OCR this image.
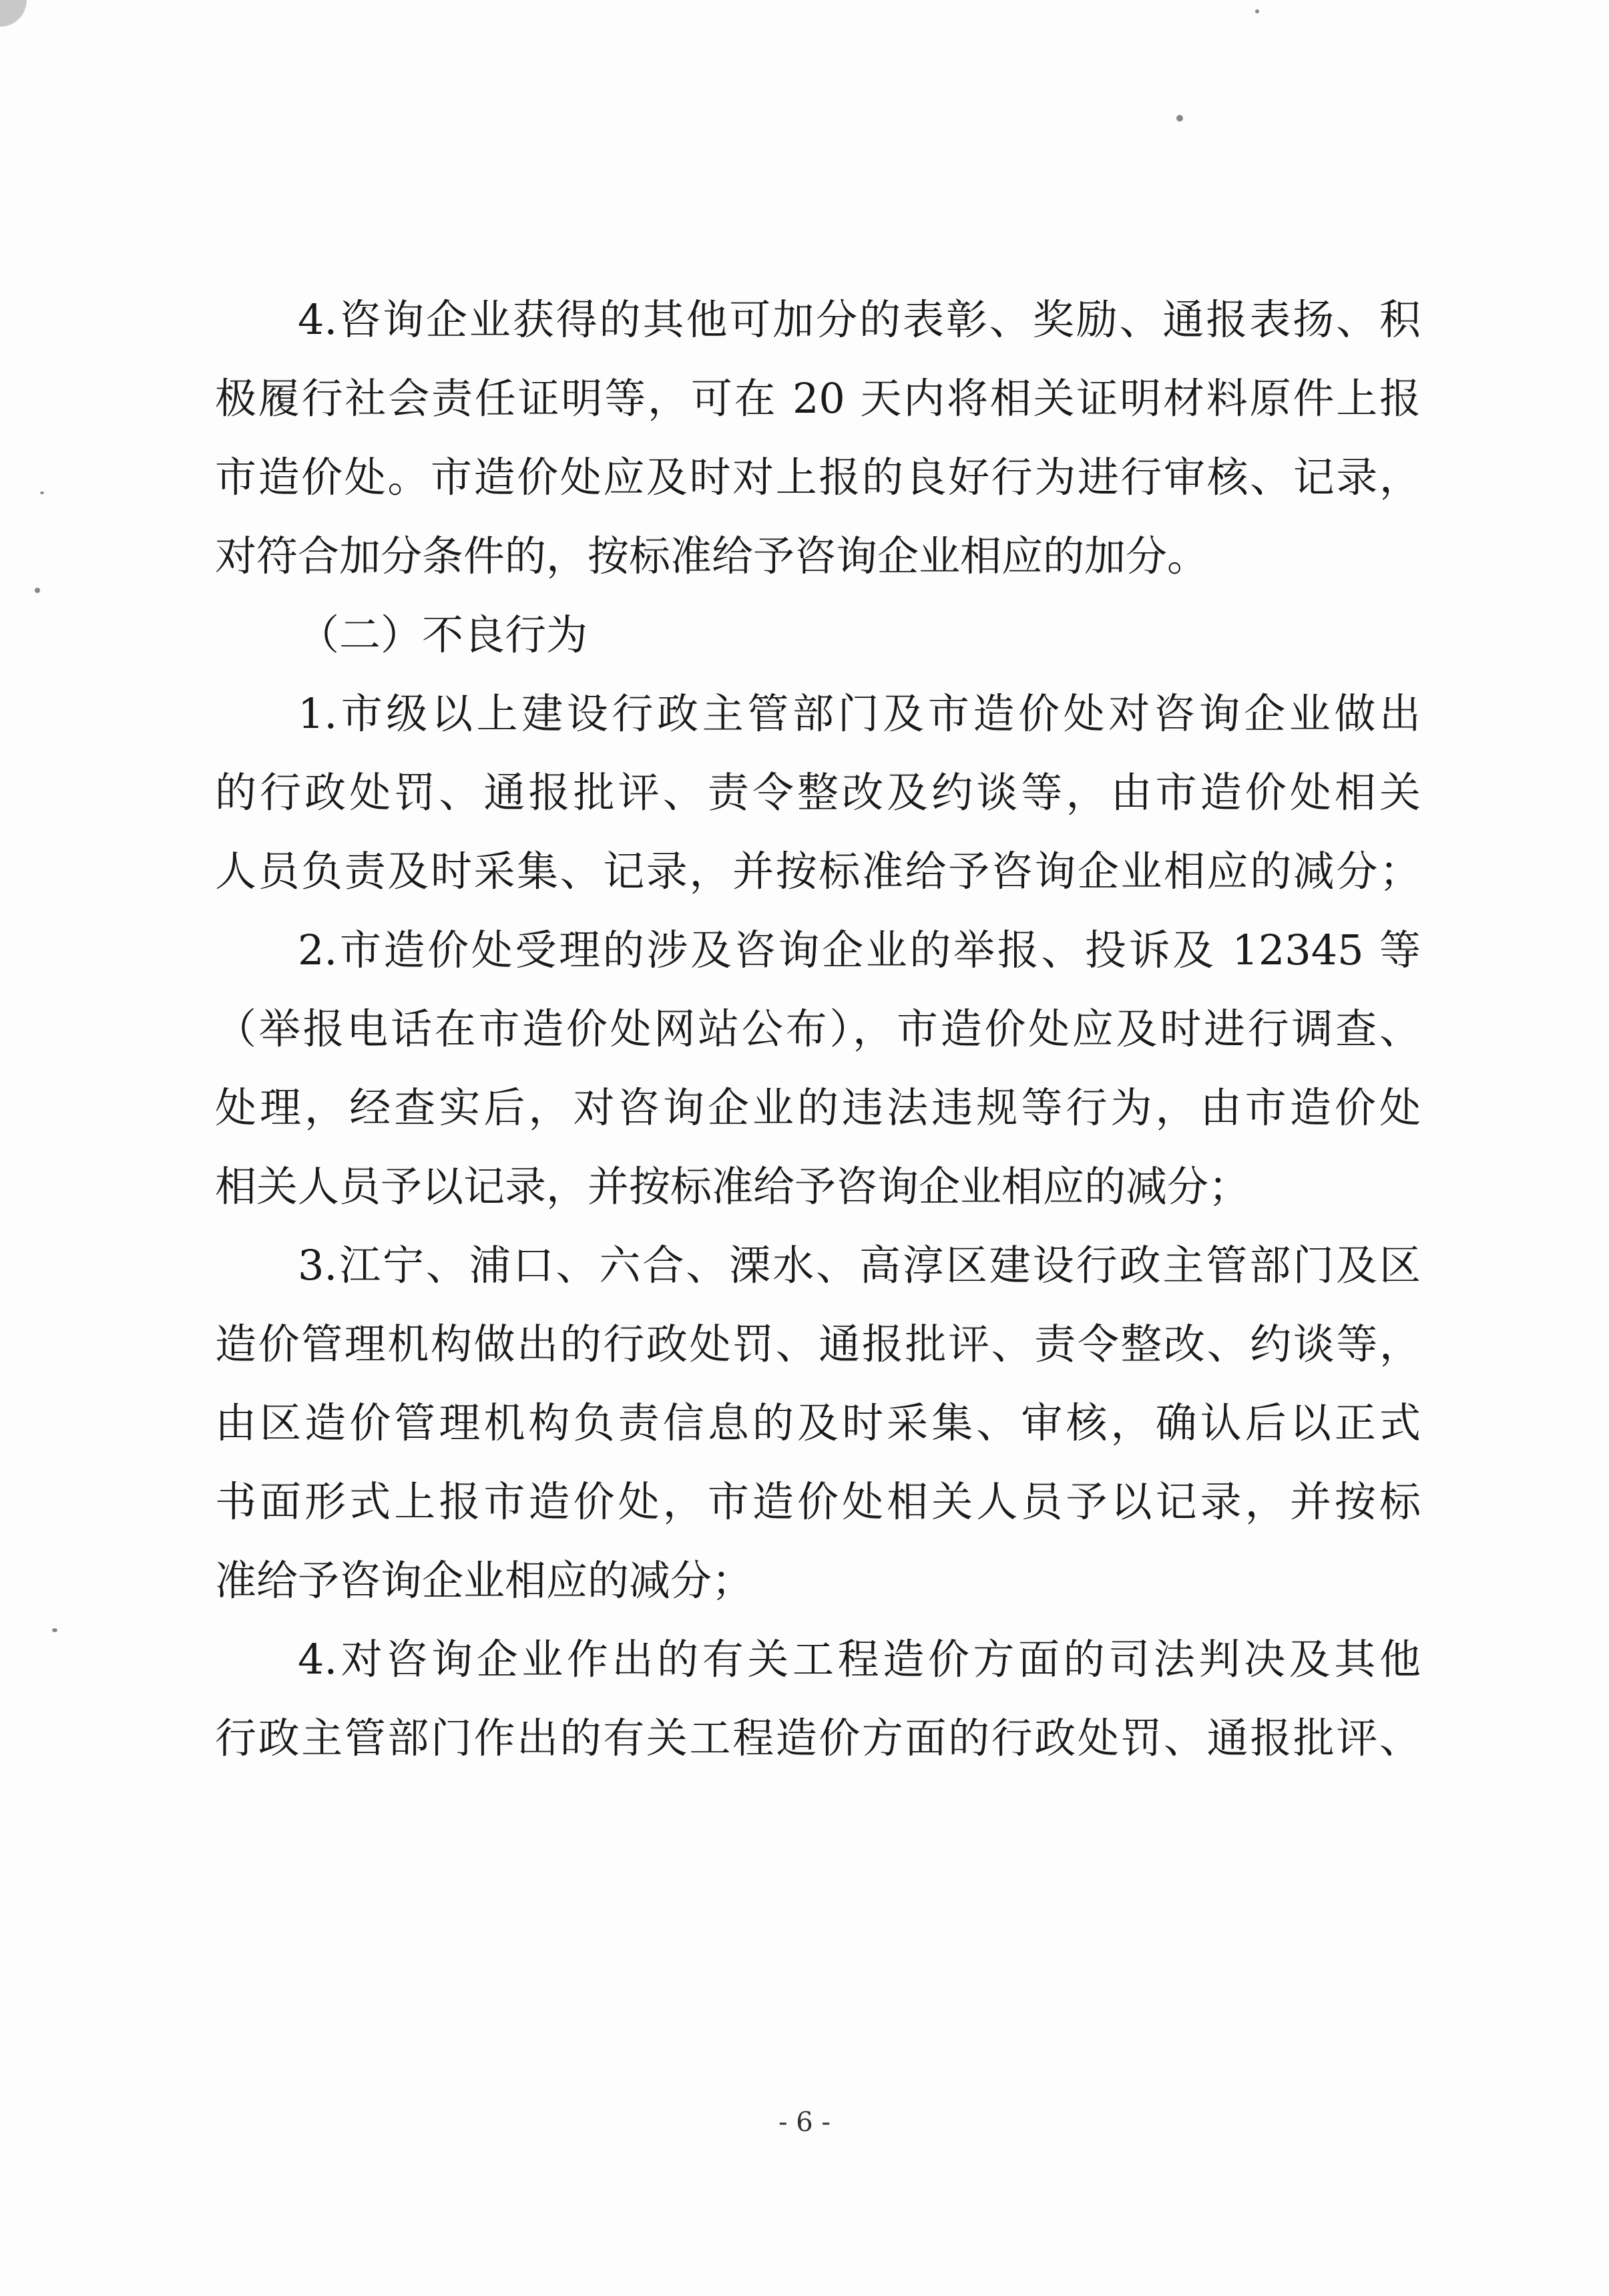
4.咨询企业获得的其他可加分的表彰、奖励、通报表扬、积
极履行社会责任证明等，可在 20 天内将相关证明材料原件上报
市造价处。市造价处应及时对上报的良好行为进行审核、记录，
对符合加分条件的，按标准给予咨询企业相应的加分。
（二）不良行为
1.市级以上建设行政主管部门及市造价处对咨询企业做出
的行政处罚、通报批评、责令整改及约谈等，由市造价处相关
人员负责及时采集、记录，并按标准给予咨询企业相应的减分；
2.市造价处受理的涉及咨询企业的举报、投诉及 12345 等
（举报电话在市造价处网站公布），市造价处应及时进行调查、
处理，经查实后，对咨询企业的违法违规等行为，由市造价处
相关人员予以记录，并按标准给予咨询企业相应的减分；
3.江宁、浦口、六合、溧水、高淳区建设行政主管部门及区
造价管理机构做出的行政处罚、通报批评、责令整改、约谈等，
由区造价管理机构负责信息的及时采集、审核，确认后以正式
书面形式上报市造价处，市造价处相关人员予以记录，并按标
准给予咨询企业相应的减分；
4.对咨询企业作出的有关工程造价方面的司法判决及其他
行政主管部门作出的有关工程造价方面的行政处罚、通报批评、
- 6 -
